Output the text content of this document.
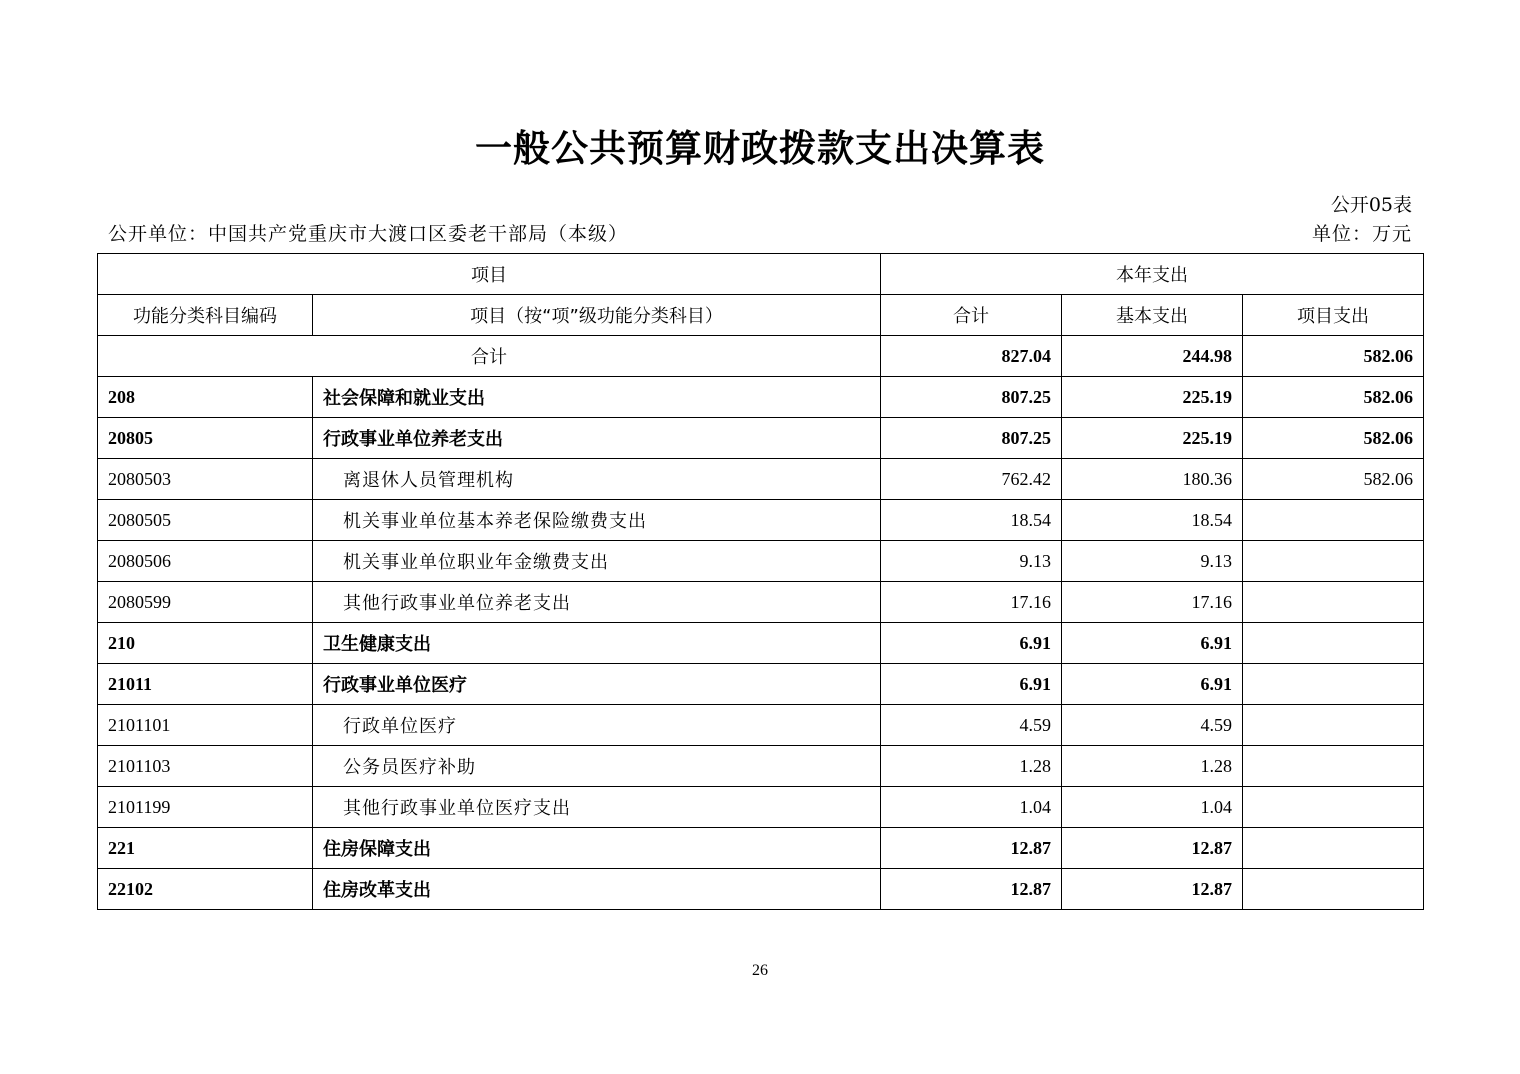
一般公共预算财政拨款支出决算表
公开05表
公开单位：中国共产党重庆市大渡口区委老干部局（本级）	单位：万元
项目		本年支出		
功能分类科目编码	项目（按“项”级功能分类科目）	合计	基本支出	项目支出
合计		827.04	244.98	582.06
208	社会保障和就业支出	807.25	225.19	582.06
20805	行政事业单位养老支出	807.25	225.19	582.06
2080503	离退休人员管理机构	762.42	180.36	582.06
2080505	机关事业单位基本养老保险缴费支出	18.54	18.54	
2080506	机关事业单位职业年金缴费支出	9.13	9.13	
2080599	其他行政事业单位养老支出	17.16	17.16	
210	卫生健康支出	6.91	6.91	
21011	行政事业单位医疗	6.91	6.91	
2101101	行政单位医疗	4.59	4.59	
2101103	公务员医疗补助	1.28	1.28	
2101199	其他行政事业单位医疗支出	1.04	1.04	
221	住房保障支出	12.87	12.87	
22102	住房改革支出	12.87	12.87	
26
